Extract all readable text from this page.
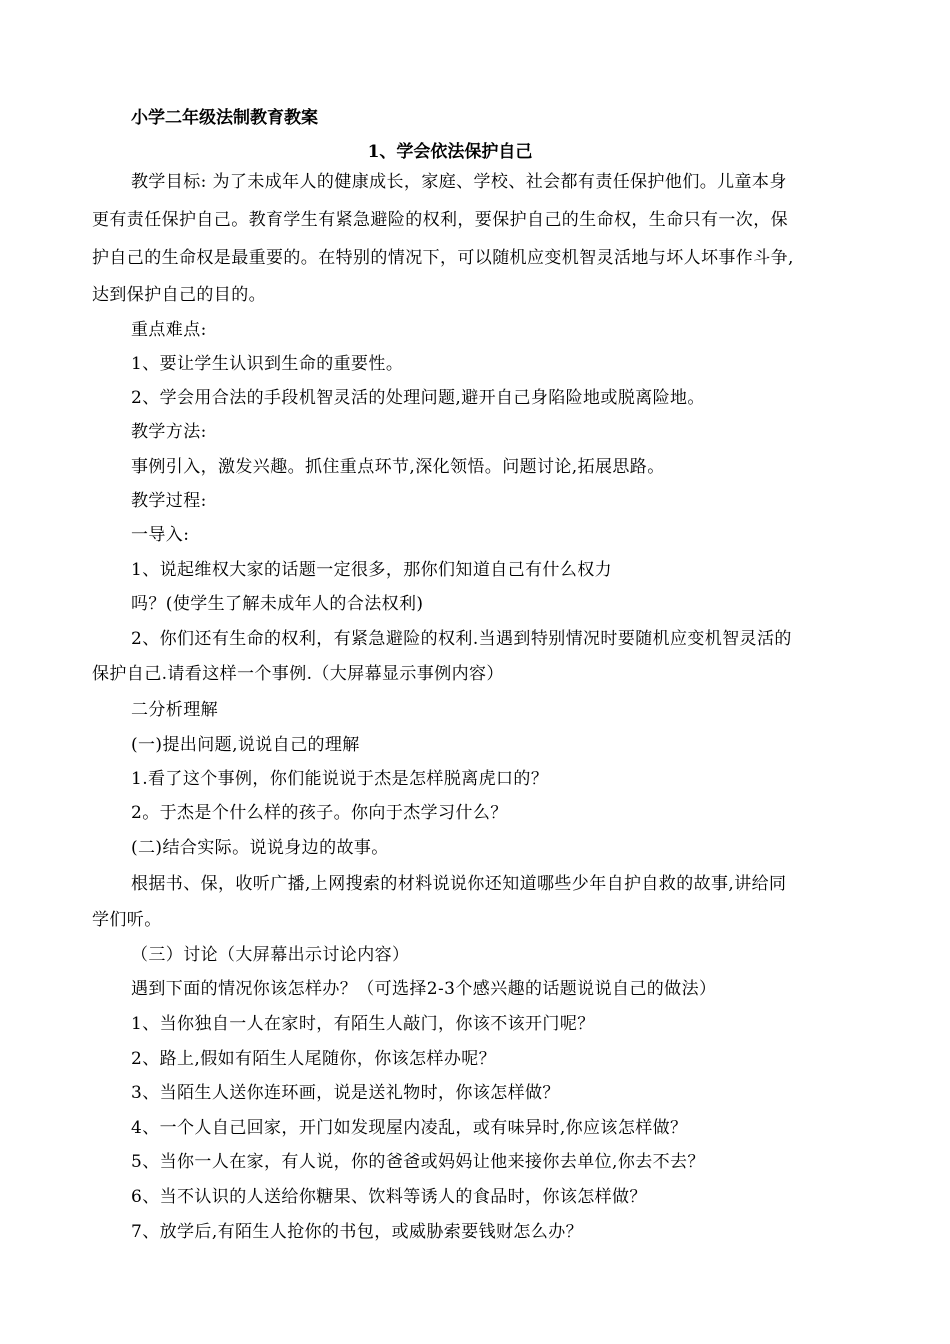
小学二年级法制教育教案
1、学会依法保护自己
教学目标: 为了未成年人的健康成长，家庭、学校、社会都有责任保护他们。儿童本身
更有责任保护自己。教育学生有紧急避险的权利，要保护自己的生命权，生命只有一次，保
护自己的生命权是最重要的。在特别的情况下，可以随机应变机智灵活地与坏人坏事作斗争,
达到保护自己的目的。
重点难点:
1、要让学生认识到生命的重要性。
2、学会用合法的手段机智灵活的处理问题,避开自己身陷险地或脱离险地。
教学方法:
事例引入，激发兴趣。抓住重点环节,深化领悟。问题讨论,拓展思路。
教学过程:
一导入:
1、说起维权大家的话题一定很多，那你们知道自己有什么权力
吗？(使学生了解未成年人的合法权利)
2、你们还有生命的权利，有紧急避险的权利.当遇到特别情况时要随机应变机智灵活的
保护自己.请看这样一个事例.（大屏幕显示事例内容）
二分析理解
(一)提出问题,说说自己的理解
1.看了这个事例，你们能说说于杰是怎样脱离虎口的？
2。于杰是个什么样的孩子。你向于杰学习什么？
(二)结合实际。说说身边的故事。
根据书、保，收听广播,上网搜索的材料说说你还知道哪些少年自护自救的故事,讲给同
学们听。
（三）讨论（大屏幕出示讨论内容）
遇到下面的情况你该怎样办？（可选择2-3个感兴趣的话题说说自己的做法）
1、当你独自一人在家时，有陌生人敲门，你该不该开门呢？
2、路上,假如有陌生人尾随你，你该怎样办呢？
3、当陌生人送你连环画，说是送礼物时，你该怎样做？
4、一个人自己回家，开门如发现屋内凌乱，或有味异时,你应该怎样做？
5、当你一人在家，有人说，你的爸爸或妈妈让他来接你去单位,你去不去？
6、当不认识的人送给你糖果、饮料等诱人的食品时，你该怎样做？
7、放学后,有陌生人抢你的书包，或威胁索要钱财怎么办？
